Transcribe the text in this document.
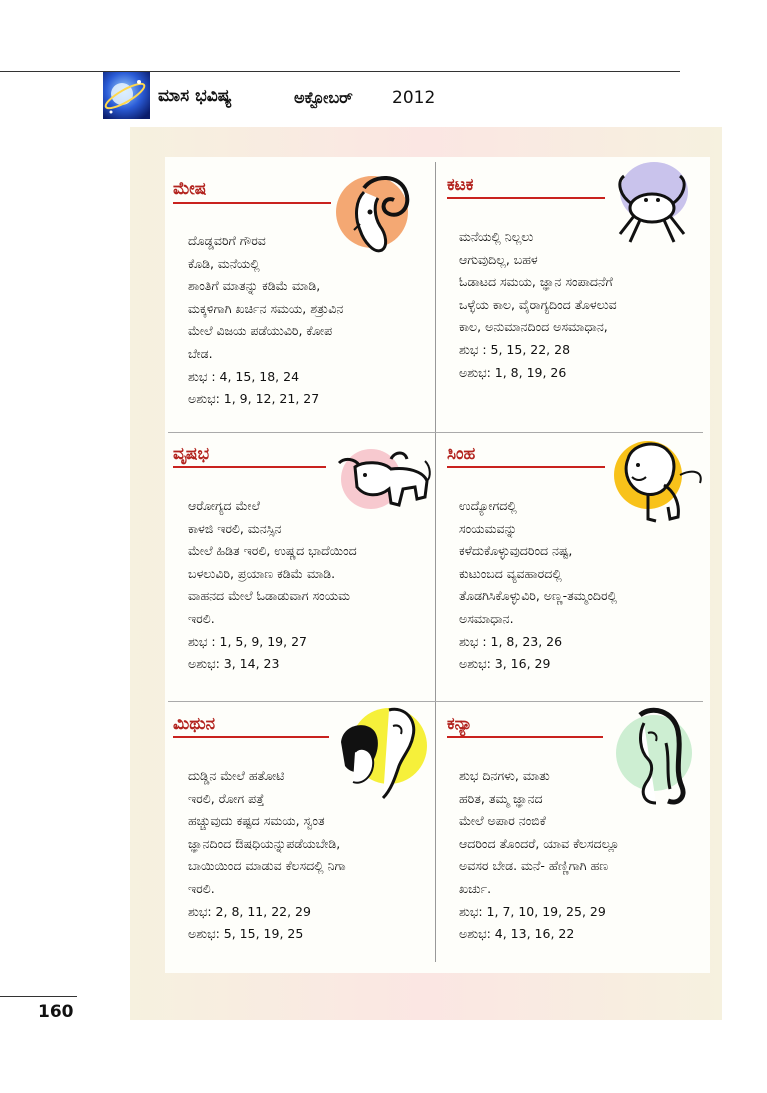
ಮಾಸ ಭವಿಷ್ಯ	ಅಕ್ಟೋಬರ್ 2012
ಮೇಷ
ದೊಡ್ಡವರಿಗೆ ಗೌರವ
ಕೊಡಿ, ಮನೆಯಲ್ಲಿ
ಶಾಂತಿಗೆ ಮಾತನ್ನು ಕಡಿಮೆ ಮಾಡಿ,
ಮಕ್ಕಳಿಗಾಗಿ ಖರ್ಚಿನ ಸಮಯ, ಶತ್ರುವಿನ
ಮೇಲೆ ವಿಜಯ ಪಡೆಯುವಿರಿ, ಕೋಪ
ಬೇಡ.
ಶುಭ : 4, 15, 18, 24
ಅಶುಭ: 1, 9, 12, 21, 27
ಕಟಕ
ಮನೆಯಲ್ಲಿ ನಿಲ್ಲಲು
ಆಗುವುದಿಲ್ಲ, ಬಹಳ
ಓಡಾಟದ ಸಮಯ, ಜ್ಞಾನ ಸಂಪಾದನೆಗೆ
ಒಳ್ಳೆಯ ಕಾಲ, ವೈರಾಗ್ಯದಿಂದ ತೊಳಲುವ
ಕಾಲ, ಅನುಮಾನದಿಂದ ಅಸಮಾಧಾನ,
ಶುಭ : 5, 15, 22, 28
ಅಶುಭ: 1, 8, 19, 26
ವೃಷಭ
ಆರೋಗ್ಯದ ಮೇಲೆ
ಕಾಳಜಿ ಇರಲಿ, ಮನಸ್ಸಿನ
ಮೇಲೆ ಹಿಡಿತ ಇರಲಿ, ಉಷ್ಣದ ಭಾದೆಯಿಂದ
ಬಳಲುವಿರಿ, ಪ್ರಯಾಣ ಕಡಿಮೆ ಮಾಡಿ.
ವಾಹನದ ಮೇಲೆ ಓಡಾಡುವಾಗ ಸಂಯಮ
ಇರಲಿ.
ಶುಭ : 1, 5, 9, 19, 27
ಅಶುಭ: 3, 14, 23
ಸಿಂಹ
ಉದ್ಯೋಗದಲ್ಲಿ
ಸಂಯಮವನ್ನು
ಕಳೆದುಕೊಳ್ಳುವುದರಿಂದ ನಷ್ಟ,
ಕುಟುಂಬದ ವ್ಯವಹಾರದಲ್ಲಿ
ತೊಡಗಿಸಿಕೊಳ್ಳುವಿರಿ, ಅಣ್ಣ-ತಮ್ಮಂದಿರಲ್ಲಿ
ಅಸಮಾಧಾನ.
ಶುಭ : 1, 8, 23, 26
ಅಶುಭ: 3, 16, 29
ಮಿಥುನ
ದುಡ್ಡಿನ ಮೇಲೆ ಹತೋಟಿ
ಇರಲಿ, ರೋಗ ಪತ್ತೆ
ಹಚ್ಚುವುದು ಕಷ್ಟದ ಸಮಯ, ಸ್ವಂತ
ಜ್ಞಾನದಿಂದ ಔಷಧಿಯನ್ನುಪಡೆಯಬೇಡಿ,
ಬಾಯಿಯಿಂದ ಮಾಡುವ ಕೆಲಸದಲ್ಲಿ ನಿಗಾ
ಇರಲಿ.
ಶುಭ: 2, 8, 11, 22, 29
ಅಶುಭ: 5, 15, 19, 25
ಕನ್ಯಾ
ಶುಭ ದಿನಗಳು, ಮಾತು
ಹರಿತ, ತಮ್ಮ ಜ್ಞಾನದ
ಮೇಲೆ ಅಪಾರ ನಂಬಿಕೆ
ಆದರಿಂದ ತೊಂದರೆ, ಯಾವ ಕೆಲಸದಲ್ಲೂ
ಅವಸರ ಬೇಡ. ಮನೆ- ಹೆಣ್ಣಿಗಾಗಿ ಹಣ
ಖರ್ಚು.
ಶುಭ: 1, 7, 10, 19, 25, 29
ಅಶುಭ: 4, 13, 16, 22
160
